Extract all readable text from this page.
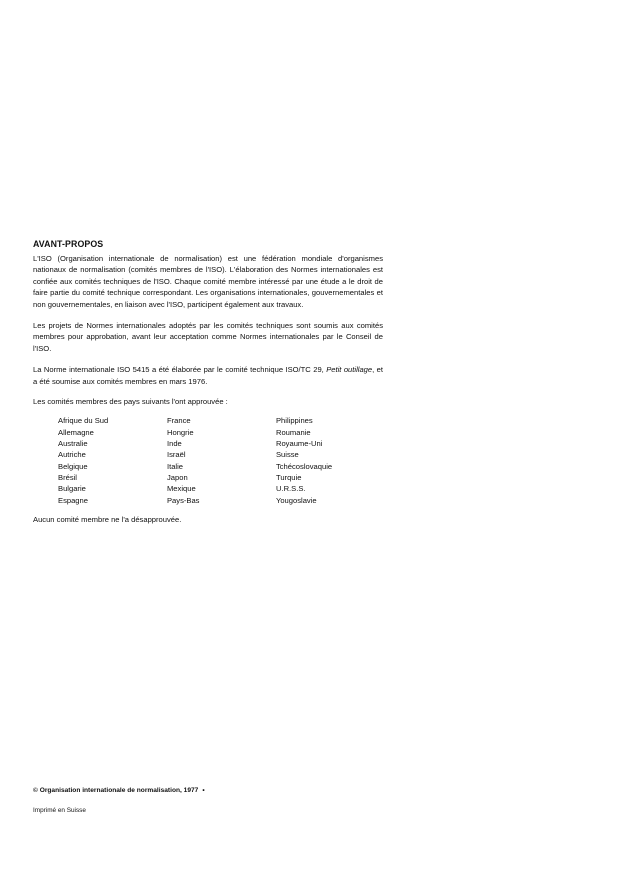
AVANT-PROPOS

L'ISO (Organisation internationale de normalisation) est une fédération mondiale d'organismes nationaux de normalisation (comités membres de l'ISO). L'élaboration des Normes internationales est confiée aux comités techniques de l'ISO. Chaque comité membre intéressé par une étude a le droit de faire partie du comité technique correspondant. Les organisations internationales, gouvernementales et non gouvernementales, en liaison avec l'ISO, participent également aux travaux.

Les projets de Normes internationales adoptés par les comités techniques sont soumis aux comités membres pour approbation, avant leur acceptation comme Normes internationales par le Conseil de l'ISO.

La Norme internationale ISO 5415 a été élaborée par le comité technique ISO/TC 29, Petit outillage, et a été soumise aux comités membres en mars 1976.

Les comités membres des pays suivants l'ont approuvée :

Afrique du Sud
Allemagne
Australie
Autriche
Belgique
Brésil
Bulgarie
Espagne
France
Hongrie
Inde
Israël
Italie
Japon
Mexique
Pays-Bas
Philippines
Roumanie
Royaume-Uni
Suisse
Tchécoslovaquie
Turquie
U.R.S.S.
Yougoslavie

Aucun comité membre ne l'a désapprouvée.

© Organisation internationale de normalisation, 1977 •
Imprimé en Suisse
